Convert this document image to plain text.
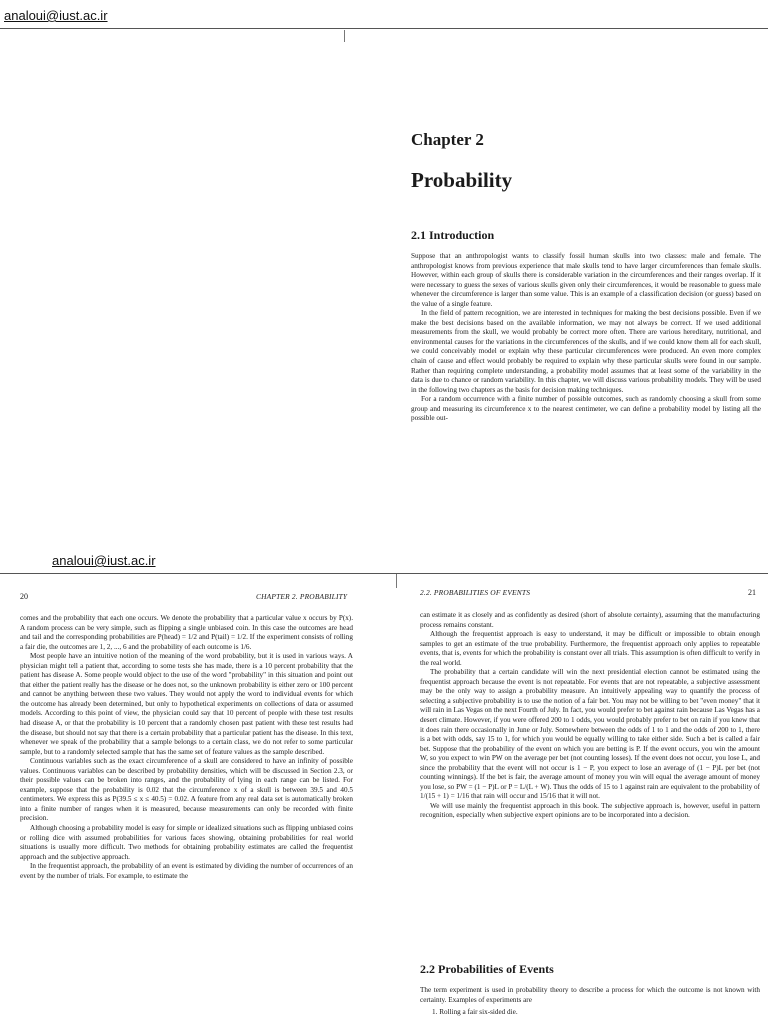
analoui@iust.ac.ir
Chapter 2
Probability
2.1 Introduction

Suppose that an anthropologist wants to classify fossil human skulls into two classes: male and female. The anthropologist knows from previous experience that male skulls tend to have larger circumferences than female skulls. However, within each group of skulls there is considerable variation in the circumferences and their ranges overlap. If it were necessary to guess the sexes of various skulls given only their circumferences, it would be reasonable to guess male whenever the circumference is larger than some value. This is an example of a classification decision (or guess) based on the value of a single feature.

In the field of pattern recognition, we are interested in techniques for making the best decisions possible. Even if we make the best decisions based on the available information, we may not always be correct. If we used additional measurements from the skull, we would probably be correct more often. There are various hereditary, nutritional, and environmental causes for the variations in the circumferences of the skulls, and if we could know them all for each skull, we could conceivably model or explain why these particular circumferences were produced. An even more complex chain of cause and effect would probably be required to explain why these particular skulls were found in our sample. Rather than requiring complete understanding, a probability model assumes that at least some of the variability in the data is due to chance or random variability. In this chapter, we will discuss various probability models. They will be used in the following two chapters as the basis for decision making techniques.

For a random occurrence with a finite number of possible outcomes, such as randomly choosing a skull from some group and measuring its circumference x to the nearest centimeter, we can define a probability model by listing all the possible out-

analoui@iust.ac.ir
20	CHAPTER 2. PROBABILITY

comes and the probability that each one occurs. We denote the probability that a particular value x occurs by P(x). A random process can be very simple, such as flipping a single unbiased coin. In this case the outcomes are head and tail and the corresponding probabilities are P(head) = 1/2 and P(tail) = 1/2. If the experiment consists of rolling a fair die, the outcomes are 1, 2, ..., 6 and the probability of each outcome is 1/6.

Most people have an intuitive notion of the meaning of the word probability, but it is used in various ways. A physician might tell a patient that, according to some tests she has made, there is a 10 percent probability that the patient has disease A. Some people would object to the use of the word "probability" in this situation and point out that either the patient really has the disease or he does not, so the unknown probability is either zero or 100 percent and cannot be anything between these two values. They would not apply the word to individual events for which the outcome has already been determined, but only to hypothetical experiments on collections of data or assumed models. According to this point of view, the physician could say that 10 percent of people with these test results had disease A, or that the probability is 10 percent that a randomly chosen past patient with these test results had the disease, but should not say that there is a certain probability that a particular patient has the disease. In this text, whenever we speak of the probability that a sample belongs to a certain class, we do not refer to some particular sample, but to a randomly selected sample that has the same set of feature values as the sample described.

Continuous variables such as the exact circumference of a skull are considered to have an infinity of possible values. Continuous variables can be described by probability densities, which will be discussed in Section 2.3, or their possible values can be broken into ranges, and the probability of lying in each range can be listed. For example, suppose that the probability is 0.02 that the circumference x of a skull is between 39.5 and 40.5 centimeters. We express this as P(39.5 ≤ x ≤ 40.5) = 0.02. A feature from any real data set is automatically broken into a finite number of ranges when it is measured, because measurements can only be recorded with finite precision.

Although choosing a probability model is easy for simple or idealized situations such as flipping unbiased coins or rolling dice with assumed probabilities for various faces showing, obtaining probabilities for real world situations is usually more difficult. Two methods for obtaining probability estimates are called the frequentist approach and the subjective approach.

In the frequentist approach, the probability of an event is estimated by dividing the number of occurrences of an event by the number of trials. For example, to estimate the

2.2. PROBABILITIES OF EVENTS	21

can estimate it as closely and as confidently as desired (short of absolute certainty), assuming that the manufacturing process remains constant.

Although the frequentist approach is easy to understand, it may be difficult or impossible to obtain enough samples to get an estimate of the true probability. Furthermore, the frequentist approach only applies to repeatable events, that is, events for which the probability is constant over all trials. This assumption is often difficult to verify in the real world.

The probability that a certain candidate will win the next presidential election cannot be estimated using the frequentist approach because the event is not repeatable. For events that are not repeatable, a subjective assessment may be the only way to assign a probability measure. An intuitively appealing way to quantify the process of selecting a subjective probability is to use the notion of a fair bet. You may not be willing to bet "even money" that it will rain in Las Vegas on the next Fourth of July. In fact, you would prefer to bet against rain because Las Vegas has a desert climate. However, if you were offered 200 to 1 odds, you would probably prefer to bet on rain if you knew that it does rain there occasionally in June or July. Somewhere between the odds of 1 to 1 and the odds of 200 to 1, there is a bet with odds, say 15 to 1, for which you would be equally willing to take either side. Such a bet is called a fair bet. Suppose that the probability of the event on which you are betting is P. If the event occurs, you win the amount W, so you expect to win PW on the average per bet (not counting losses). If the event does not occur, you lose L, and since the probability that the event will not occur is 1 − P, you expect to lose an average of (1 − P)L per bet (not counting winnings). If the bet is fair, the average amount of money you win will equal the average amount of money you lose, so PW = (1 − P)L or P = L/(L + W). Thus the odds of 15 to 1 against rain are equivalent to the probability of 1/(15 + 1) = 1/16 that rain will occur and 15/16 that it will not.

We will use mainly the frequentist approach in this book. The subjective approach is, however, useful in pattern recognition, especially when subjective expert opinions are to be incorporated into a decision.

2.2 Probabilities of Events

The term experiment is used in probability theory to describe a process for which the outcome is not known with certainty. Examples of experiments are

1. Rolling a fair six-sided die.
